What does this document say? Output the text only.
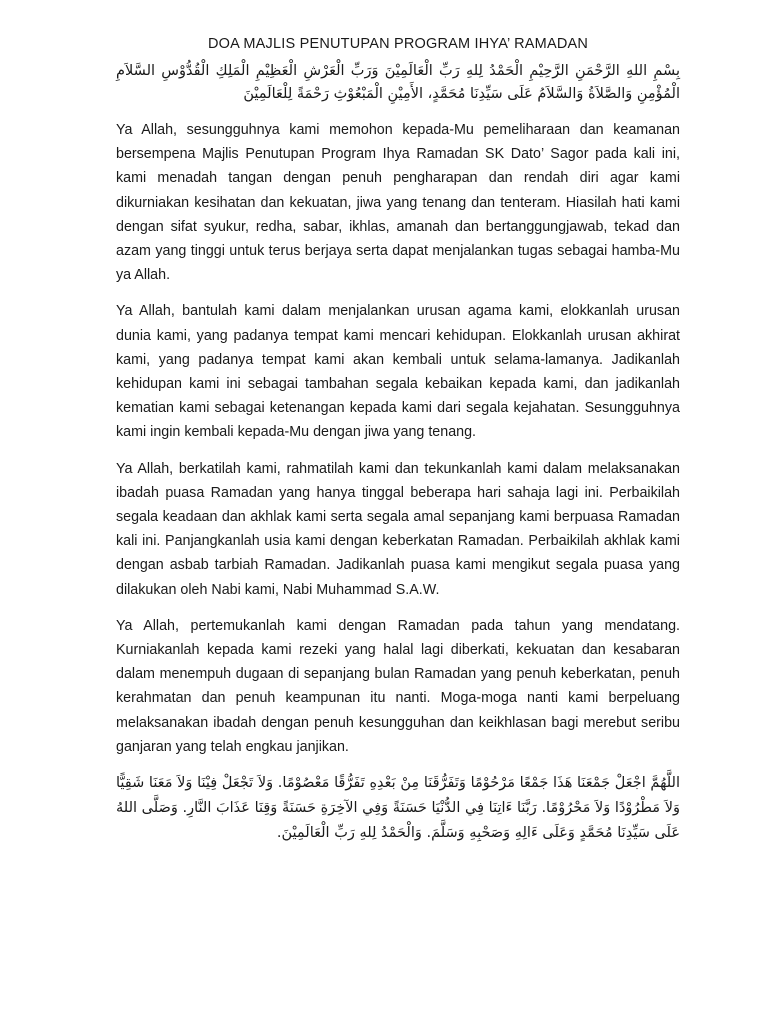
DOA MAJLIS PENUTUPAN PROGRAM IHYA’ RAMADAN

بِسْمِ اللهِ الرَّحْمَنِ الرَّحِيْمِ الْحَمْدُ لِلهِ رَبِّ الْعَالَمِيْنَ وَرَبِّ الْعَرْشِ الْعَظِيْمِ الْمَلِكِ الْقُدُّوْسِ السَّلاَمِ الْمُؤْمِنِ وَالصَّلاَةُ وَالسَّلاَمُ عَلَى سَيِّدِنَا مُحَمَّدٍ، الأَمِيْنِ الْمَبْعُوْثِ رَحْمَةً لِلْعَالَمِيْنَ

Ya Allah, sesungguhnya kami memohon kepada-Mu pemeliharaan dan keamanan bersempena Majlis Penutupan Program Ihya Ramadan SK Dato’ Sagor pada kali ini, kami menadah tangan dengan penuh pengharapan dan rendah diri agar kami dikurniakan kesihatan dan kekuatan, jiwa yang tenang dan tenteram. Hiasilah hati kami dengan sifat syukur, redha, sabar, ikhlas, amanah dan bertanggungjawab, tekad dan azam yang tinggi untuk terus berjaya serta dapat menjalankan tugas sebagai hamba-Mu ya Allah.

Ya Allah, bantulah kami dalam menjalankan urusan agama kami, elokkanlah urusan dunia kami, yang padanya tempat kami mencari kehidupan. Elokkanlah urusan akhirat kami, yang padanya tempat kami akan kembali untuk selama-lamanya. Jadikanlah kehidupan kami ini sebagai tambahan segala kebaikan kepada kami, dan jadikanlah kematian kami sebagai ketenangan kepada kami dari segala kejahatan. Sesungguhnya kami ingin kembali kepada-Mu dengan jiwa yang tenang.

Ya Allah, berkatilah kami, rahmatilah kami dan tekunkanlah kami dalam melaksanakan ibadah puasa Ramadan yang hanya tinggal beberapa hari sahaja lagi ini. Perbaikilah segala keadaan dan akhlak kami serta segala amal sepanjang kami berpuasa Ramadan kali ini. Panjangkanlah usia kami dengan keberkatan Ramadan. Perbaikilah akhlak kami dengan asbab tarbiah Ramadan. Jadikanlah puasa kami mengikut segala puasa yang dilakukan oleh Nabi kami, Nabi Muhammad S.A.W.

Ya Allah, pertemukanlah kami dengan Ramadan pada tahun yang mendatang. Kurniakanlah kepada kami rezeki yang halal lagi diberkati, kekuatan dan kesabaran dalam menempuh dugaan di sepanjang bulan Ramadan yang penuh keberkatan, penuh kerahmatan dan penuh keampunan itu nanti. Moga-moga nanti kami berpeluang melaksanakan ibadah dengan penuh kesungguhan dan keikhlasan bagi merebut seribu ganjaran yang telah engkau janjikan.

اللَّهُمَّ اجْعَلْ جَمْعَنَا هَذَا جَمْعًا مَرْحُوْمًا وَتَفَرُّقَنَا مِنْ بَعْدِهِ تَفَرُّقًا مَعْصُوْمًا. وَلاَ تَجْعَلْ فِيْنَا وَلاَ مَعَنَا شَقِيًّا وَلاَ مَطْرُوْدًا وَلاَ مَحْرُوْمًا. رَبَّنَا ءَاتِنَا فِي الدُّنْيَا حَسَنَةً وَفِي الآخِرَةِ حَسَنَةً وَقِنَا عَذَابَ النَّارِ. وَصَلَّى اللهُ عَلَى سَيِّدِنَا مُحَمَّدٍ وَعَلَى ءَالِهِ وَصَحْبِهِ وَسَلَّمَ. وَالْحَمْدُ لِلهِ رَبِّ الْعَالَمِيْنَ.
